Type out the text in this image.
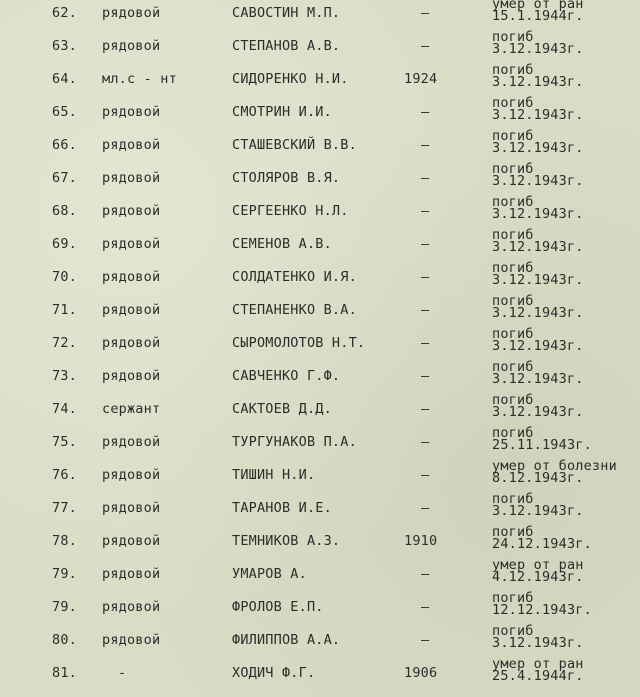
62. рядовой	САВОСТИН М.П.	–
умер от ран
15.1.1944г.
63. рядовой	СТЕПАНОВ А.В.	–
погиб
3.12.1943г.
64. мл.с - нт	СИДОРЕНКО Н.И.	1924
погиб
3.12.1943г.
65. рядовой	СМОТРИН И.И.	–
погиб
3.12.1943г.
66. рядовой	СТАШЕВСКИЙ В.В.	–
погиб
3.12.1943г.
67. рядовой	СТОЛЯРОВ В.Я.	–
погиб
3.12.1943г.
68. рядовой	СЕРГЕЕНКО Н.Л.	–
погиб
3.12.1943г.
69. рядовой	СЕМЕНОВ А.В.	–
погиб
3.12.1943г.
70. рядовой	СОЛДАТЕНКО И.Я.	–
погиб
3.12.1943г.
71. рядовой	СТЕПАНЕНКО В.А.	–
погиб
3.12.1943г.
72. рядовой	СЫРОМОЛОТОВ Н.Т.	–
погиб
3.12.1943г.
73. рядовой	САВЧЕНКО Г.Ф.	–
погиб
3.12.1943г.
74. сержант	САКТОЕВ Д.Д.	–
погиб
3.12.1943г.
75. рядовой	ТУРГУНАКОВ П.А.	–
погиб
25.11.1943г.
76. рядовой	ТИШИН Н.И.	–
умер от болезни
8.12.1943г.
77. рядовой	ТАРАНОВ И.Е.	–
погиб
3.12.1943г.
78. рядовой	ТЕМНИКОВ А.З.	1910
погиб
24.12.1943г.
79. рядовой	УМАРОВ А.	–
умер от ран
4.12.1943г.
79. рядовой	ФРОЛОВ Е.П.	–
погиб
12.12.1943г.
80. рядовой	ФИЛИППОВ А.А.	–
погиб
3.12.1943г.
81.	-	ХОДИЧ Ф.Г.	1906
умер от ран
25.4.1944г.
